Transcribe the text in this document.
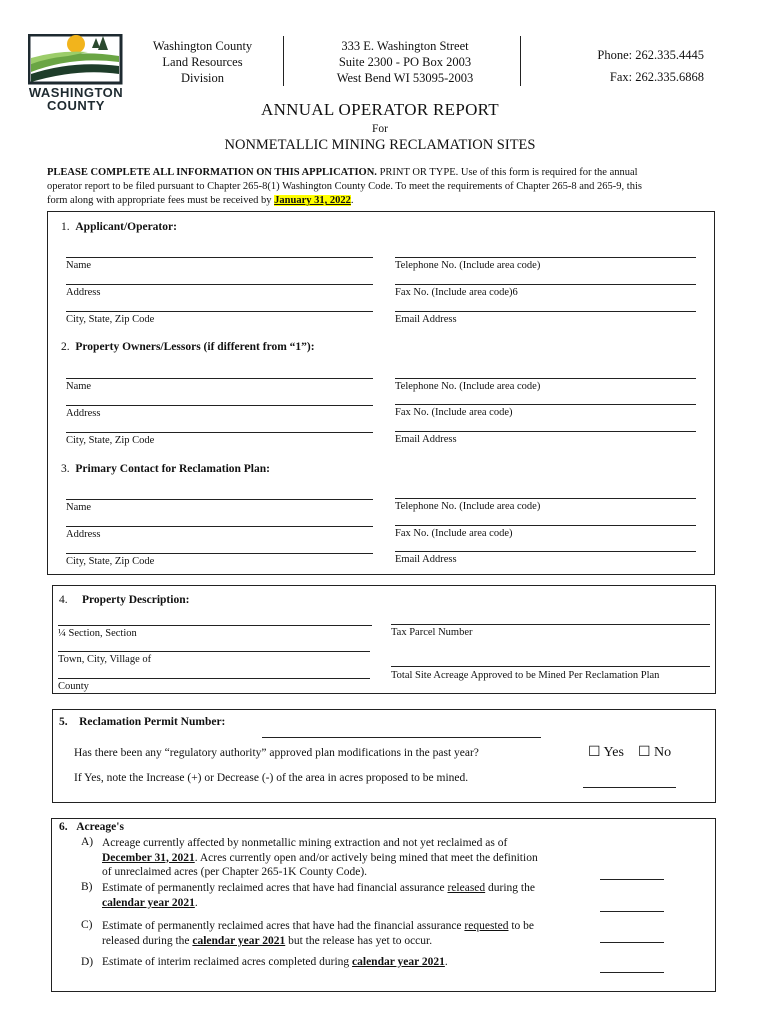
WASHINGTON COUNTY
Washington County
Land Resources
Division
333 E. Washington Street
Suite 2300 - PO Box 2003
West Bend WI 53095-2003
Phone: 262.335.4445
Fax: 262.335.6868
ANNUAL OPERATOR REPORT
For
NONMETALLIC MINING RECLAMATION SITES
PLEASE COMPLETE ALL INFORMATION ON THIS APPLICATION. PRINT OR TYPE. Use of this form is required for the annual
operator report to be filed pursuant to Chapter 265-8(1) Washington County Code. To meet the requirements of Chapter 265-8 and 265-9, this
form along with appropriate fees must be received by January 31, 2022.
1. Applicant/Operator:
Name
Address
City, State, Zip Code
Telephone No. (Include area code)
Fax No. (Include area code)6
Email Address
2. Property Owners/Lessors (if different from “1”):
Name
Address
City, State, Zip Code
Telephone No. (Include area code)
Fax No. (Include area code)
Email Address
3. Primary Contact for Reclamation Plan:
Name
Address
City, State, Zip Code
Telephone No. (Include area code)
Fax No. (Include area code)
Email Address
4. Property Description:
¼ Section, Section
Town, City, Village of
County
Tax Parcel Number
Total Site Acreage Approved to be Mined Per Reclamation Plan
5. Reclamation Permit Number:
Has there been any “regulatory authority” approved plan modifications in the past year?	☐ Yes ☐ No
If Yes, note the Increase (+) or Decrease (-) of the area in acres proposed to be mined.
6. Acreage's
A) Acreage currently affected by nonmetallic mining extraction and not yet reclaimed as of
December 31, 2021. Acres currently open and/or actively being mined that meet the definition
of unreclaimed acres (per Chapter 265-1K County Code).
B) Estimate of permanently reclaimed acres that have had financial assurance released during the
calendar year 2021.
C) Estimate of permanently reclaimed acres that have had the financial assurance requested to be
released during the calendar year 2021 but the release has yet to occur.
D) Estimate of interim reclaimed acres completed during calendar year 2021.
